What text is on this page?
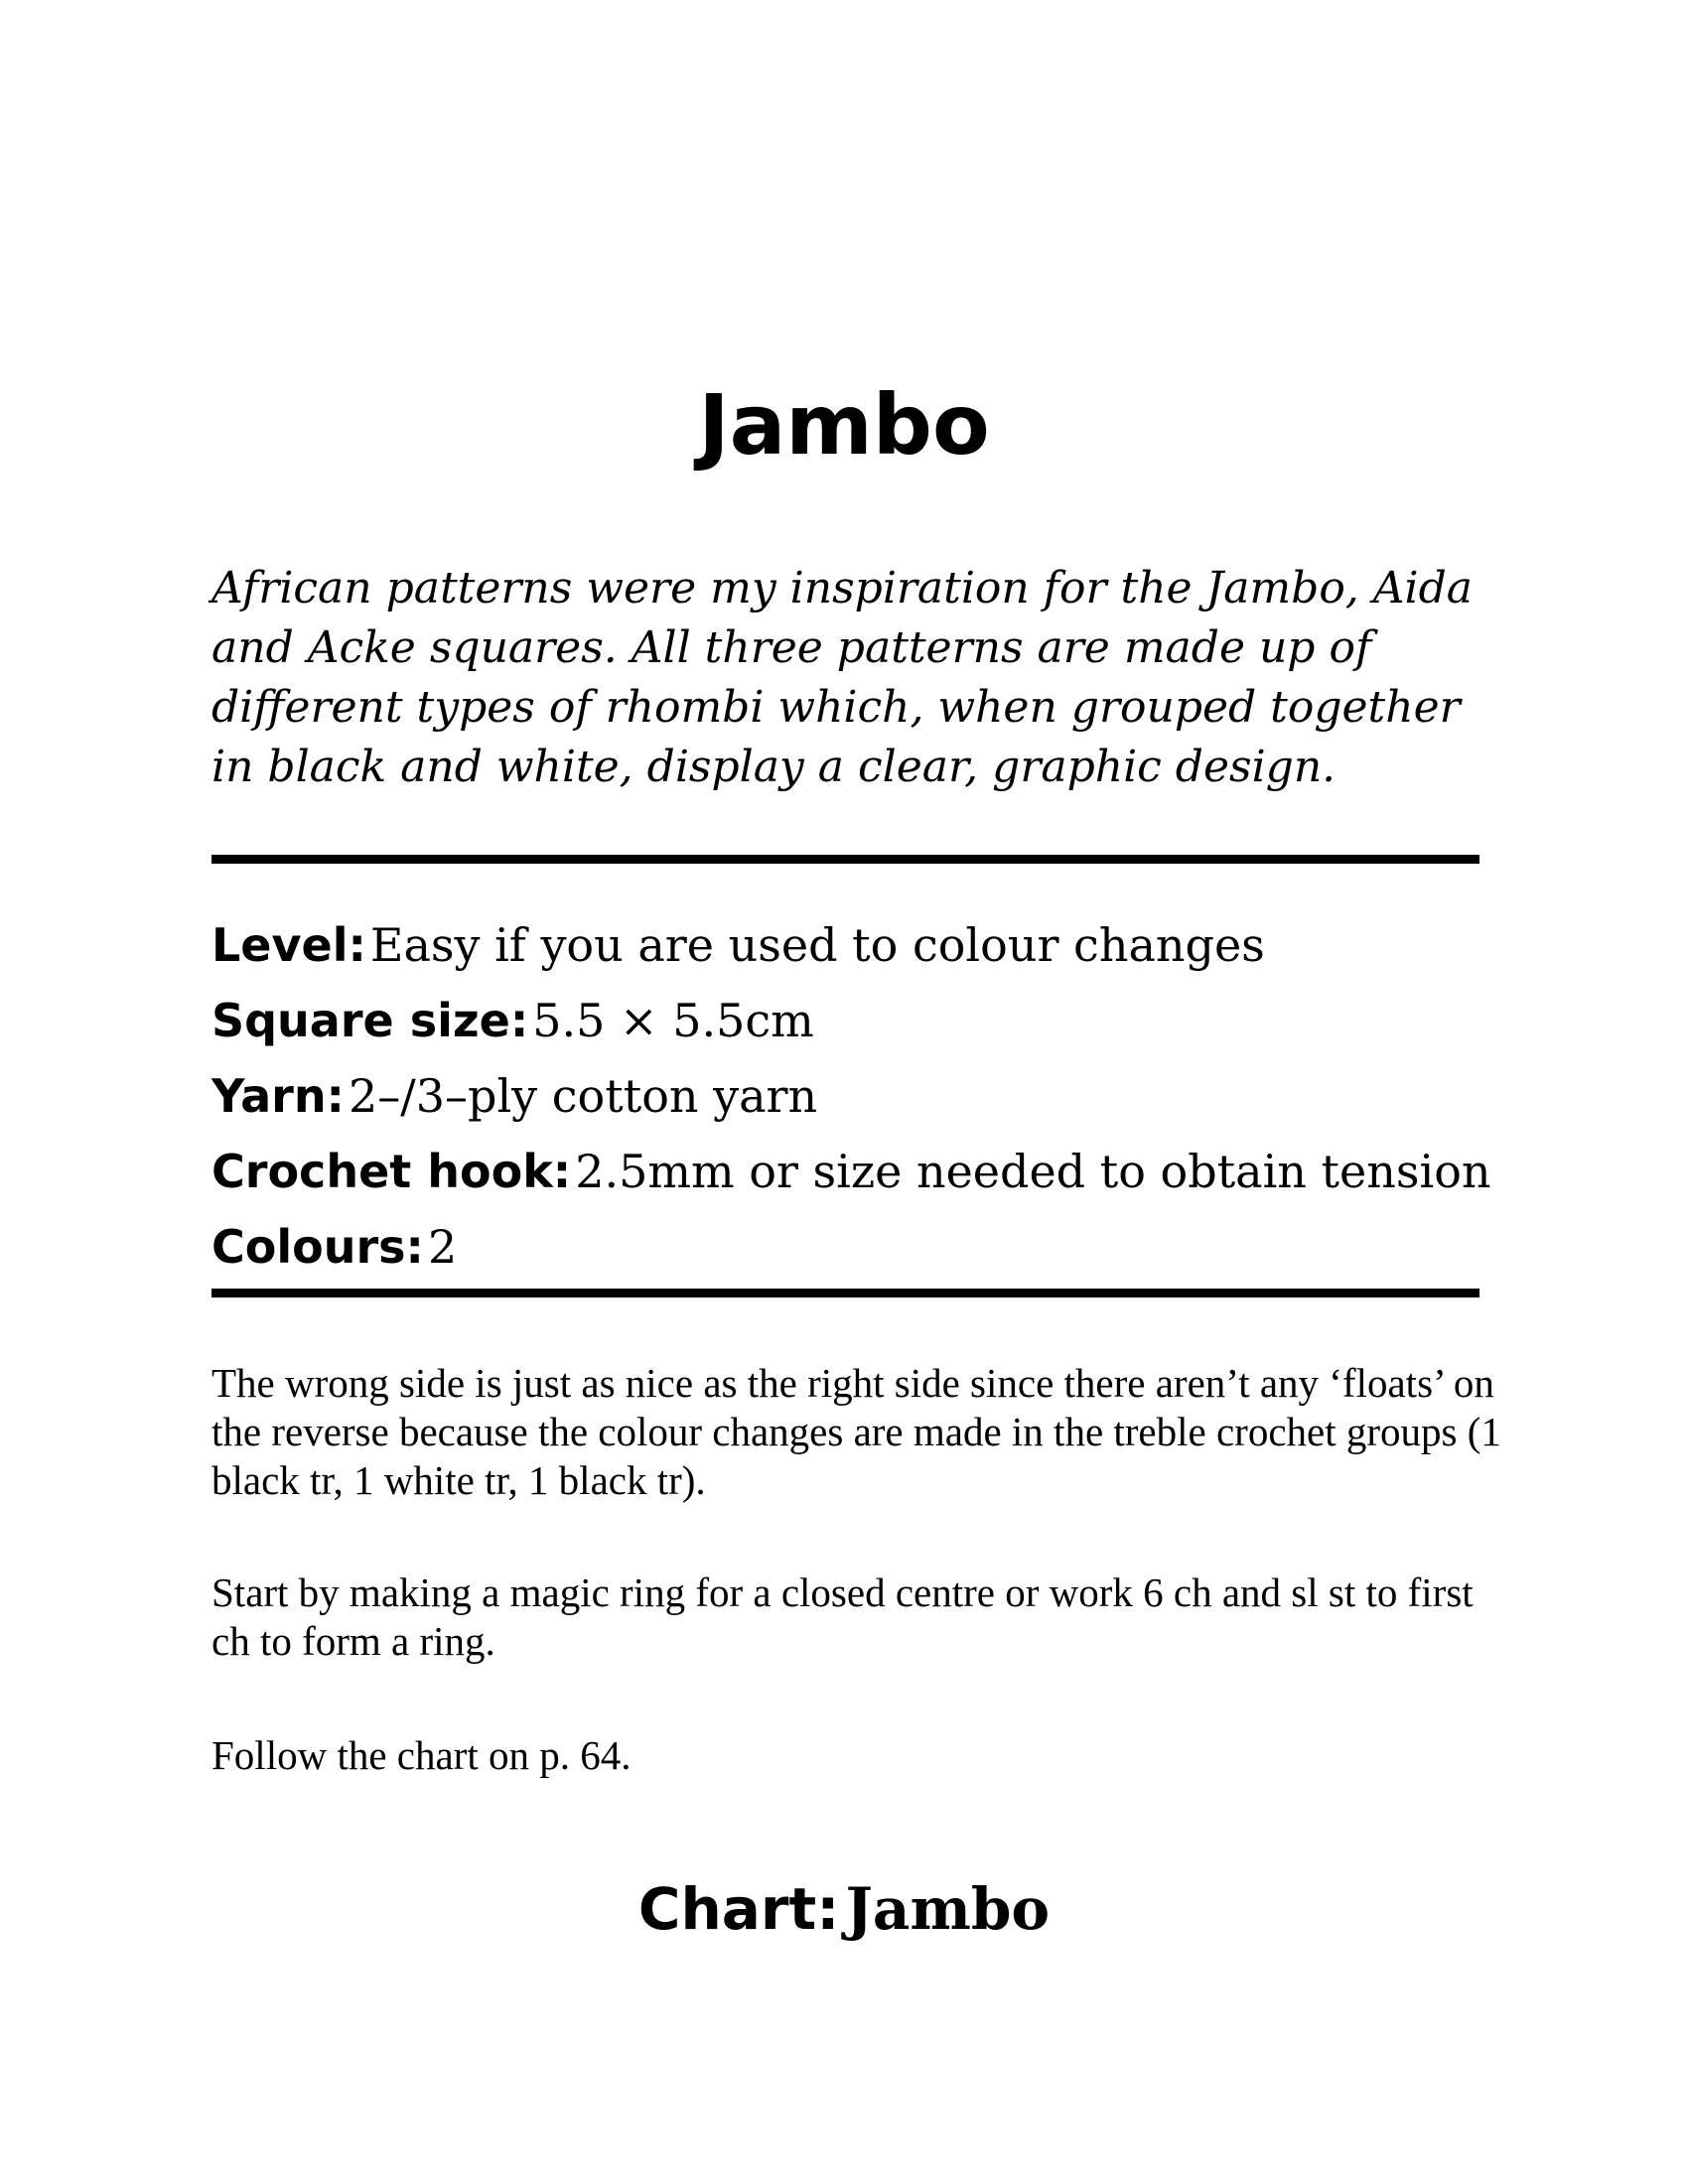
Jambo

African patterns were my inspiration for the Jambo, Aida and Acke squares. All three patterns are made up of different types of rhombi which, when grouped together in black and white, display a clear, graphic design.

Level: Easy if you are used to colour changes
Square size: 5.5 × 5.5cm
Yarn: 2–/3–ply cotton yarn
Crochet hook: 2.5mm or size needed to obtain tension
Colours: 2

The wrong side is just as nice as the right side since there aren’t any ‘floats’ on the reverse because the colour changes are made in the treble crochet groups (1 black tr, 1 white tr, 1 black tr).

Start by making a magic ring for a closed centre or work 6 ch and sl st to first ch to form a ring.

Follow the chart on p. 64.

Chart: Jambo
